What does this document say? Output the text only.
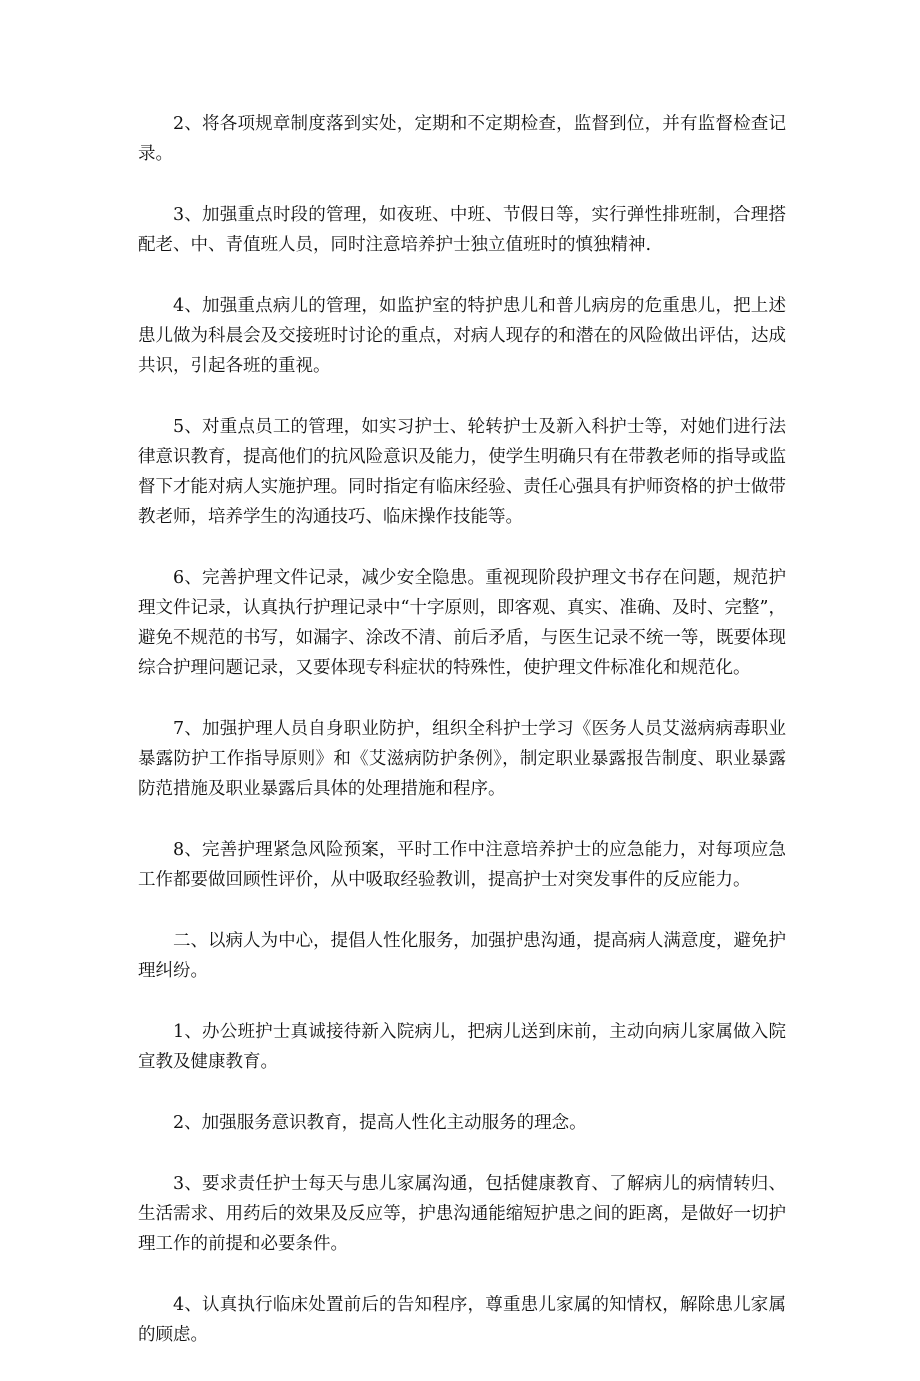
2、将各项规章制度落到实处，定期和不定期检查，监督到位，并有监督检查记录。

3、加强重点时段的管理，如夜班、中班、节假日等，实行弹性排班制，合理搭配老、中、青值班人员，同时注意培养护士独立值班时的慎独精神.

4、加强重点病儿的管理，如监护室的特护患儿和普儿病房的危重患儿，把上述患儿做为科晨会及交接班时讨论的重点，对病人现存的和潜在的风险做出评估，达成共识，引起各班的重视。

5、对重点员工的管理，如实习护士、轮转护士及新入科护士等，对她们进行法律意识教育，提高他们的抗风险意识及能力，使学生明确只有在带教老师的指导或监督下才能对病人实施护理。同时指定有临床经验、责任心强具有护师资格的护士做带教老师，培养学生的沟通技巧、临床操作技能等。

6、完善护理文件记录，减少安全隐患。重视现阶段护理文书存在问题，规范护理文件记录，认真执行护理记录中“十字原则，即客观、真实、准确、及时、完整”，避免不规范的书写，如漏字、涂改不清、前后矛盾，与医生记录不统一等，既要体现综合护理问题记录，又要体现专科症状的特殊性，使护理文件标准化和规范化。

7、加强护理人员自身职业防护，组织全科护士学习《医务人员艾滋病病毒职业暴露防护工作指导原则》和《艾滋病防护条例》，制定职业暴露报告制度、职业暴露防范措施及职业暴露后具体的处理措施和程序。

8、完善护理紧急风险预案，平时工作中注意培养护士的应急能力，对每项应急工作都要做回顾性评价，从中吸取经验教训，提高护士对突发事件的反应能力。

二、以病人为中心，提倡人性化服务，加强护患沟通，提高病人满意度，避免护理纠纷。

1、办公班护士真诚接待新入院病儿，把病儿送到床前，主动向病儿家属做入院宣教及健康教育。

2、加强服务意识教育，提高人性化主动服务的理念。

3、要求责任护士每天与患儿家属沟通，包括健康教育、了解病儿的病情转归、生活需求、用药后的效果及反应等，护患沟通能缩短护患之间的距离，是做好一切护理工作的前提和必要条件。

4、认真执行临床处置前后的告知程序，尊重患儿家属的知情权，解除患儿家属的顾虑。
